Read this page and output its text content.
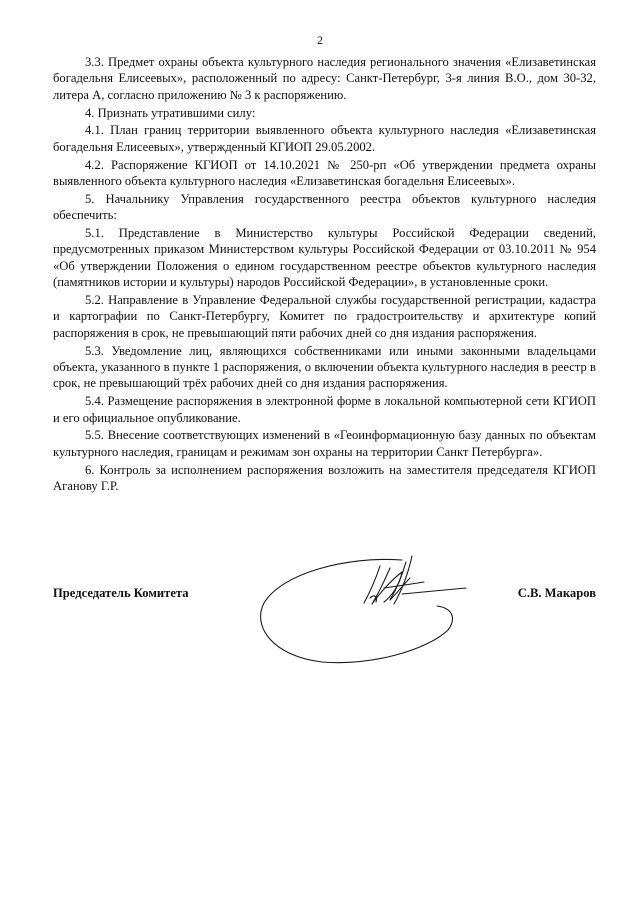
2

3.3. Предмет охраны объекта культурного наследия регионального значения «Елизаветинская богадельня Елисеевых», расположенный по адресу: Санкт-Петербург, 3-я линия В.О., дом 30-32, литера А, согласно приложению № 3 к распоряжению.

4. Признать утратившими силу:

4.1. План границ территории выявленного объекта культурного наследия «Елизаветинская богадельня Елисеевых», утвержденный КГИОП 29.05.2002.

4.2. Распоряжение КГИОП от 14.10.2021 № 250-рп «Об утверждении предмета охраны выявленного объекта культурного наследия «Елизаветинская богадельня Елисеевых».

5. Начальнику Управления государственного реестра объектов культурного наследия обеспечить:

5.1. Представление в Министерство культуры Российской Федерации сведений, предусмотренных приказом Министерством культуры Российской Федерации от 03.10.2011 № 954 «Об утверждении Положения о едином государственном реестре объектов культурного наследия (памятников истории и культуры) народов Российской Федерации», в установленные сроки.

5.2. Направление в Управление Федеральной службы государственной регистрации, кадастра и картографии по Санкт-Петербургу, Комитет по градостроительству и архитектуре копий распоряжения в срок, не превышающий пяти рабочих дней со дня издания распоряжения.

5.3. Уведомление лиц, являющихся собственниками или иными законными владельцами объекта, указанного в пункте 1 распоряжения, о включении объекта культурного наследия в реестр в срок, не превышающий трёх рабочих дней со дня издания распоряжения.

5.4. Размещение распоряжения в электронной форме в локальной компьютерной сети КГИОП и его официальное опубликование.

5.5. Внесение соответствующих изменений в «Геоинформационную базу данных по объектам культурного наследия, границам и режимам зон охраны на территории Санкт Петербурга».

6. Контроль за исполнением распоряжения возложить на заместителя председателя КГИОП Аганову Г.Р.

Председатель Комитета	С.В. Макаров
